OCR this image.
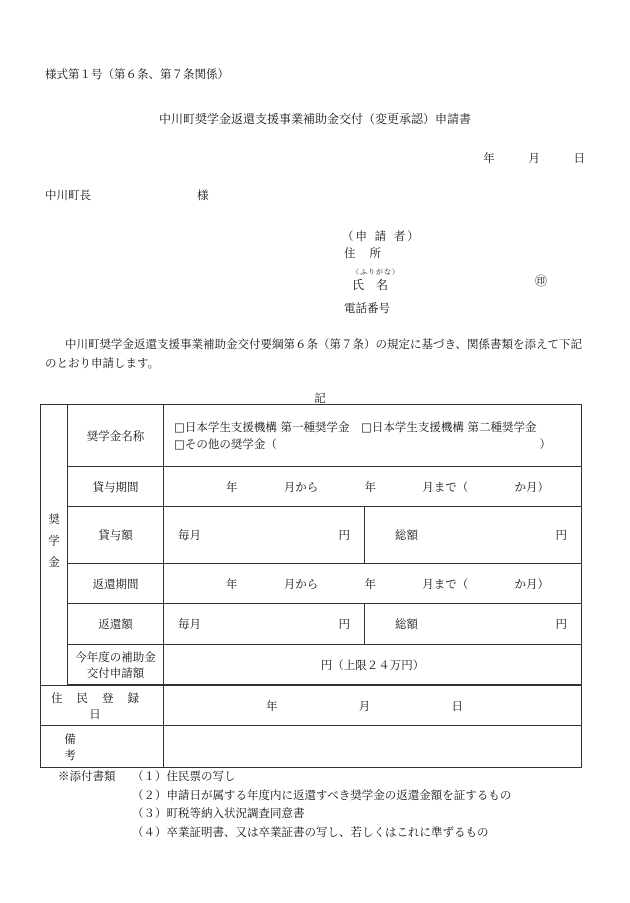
様式第１号（第６条、第７条関係）
中川町奨学金返還支援事業補助金交付（変更承認）申請書
年	月	日
中川町長	様
（申 請 者）
住所
（ふりがな）
氏名	㊞
電話番号
中川町奨学金返還支援事業補助金交付要綱第６条（第７条）の規定に基づき、関係書類を添えて下記のとおり申請します。
記
奨学金	奨学金名称	□日本学生支援機構 第一種奨学金　□日本学生支援機構 第二種奨学金
□その他の奨学金（ ）

	貸与期間	年 月から 年 月まで（ か月）

	貸与額	毎月 円 総額 円

	返還期間	年 月から 年 月まで（ か月）

	返還額	毎月 円 総額 円

	今年度の補助金
交付申請額	円（上限２４万円）

住民登録日		年 月 日

備考		
※添付書類 （１）住民票の写し
（２）申請日が属する年度内に返還すべき奨学金の返還金額を証するもの
（３）町税等納入状況調査同意書
（４）卒業証明書、又は卒業証書の写し、若しくはこれに準ずるもの
